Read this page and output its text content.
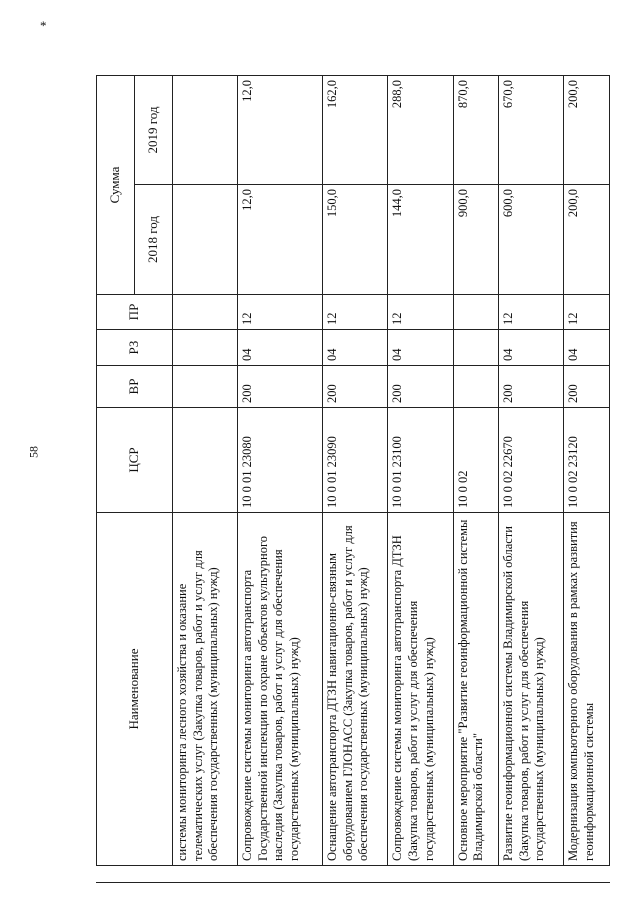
*
58
Наименование	ЦСР	ВР	РЗ	ПР	Сумма	
					2018 год	2019 год
системы мониторинга лесного хозяйства и оказание телематических услуг (Закупка товаров, работ и услуг для обеспечения государственных (муниципальных) нужд)						
Сопровождение системы мониторинга автотранспорта Государственной инспекции по охране объектов культурного наследия (Закупка товаров, работ и услуг для обеспечения государственных (муниципальных) нужд)	10 0 01 23080	200	04	12	12,0	12,0
Оснащение автотранспорта ДТЗН навигационно-связным оборудованием ГЛОНАСС (Закупка товаров, работ и услуг для обеспечения государственных (муниципальных) нужд)	10 0 01 23090	200	04	12	150,0	162,0
Сопровождение системы мониторинга автотранспорта ДТЗН (Закупка товаров, работ и услуг для обеспечения государственных (муниципальных) нужд)	10 0 01 23100	200	04	12	144,0	288,0
Основное мероприятие "Развитие геоинформационной системы Владимирской области"	10 0 02				900,0	870,0
Развитие геоинформационной системы Владимирской области (Закупка товаров, работ и услуг для обеспечения государственных (муниципальных) нужд)	10 0 02 22670	200	04	12	600,0	670,0
Модернизация компьютерного оборудования в рамках развития геоинформационной системы	10 0 02 23120	200	04	12	200,0	200,0
